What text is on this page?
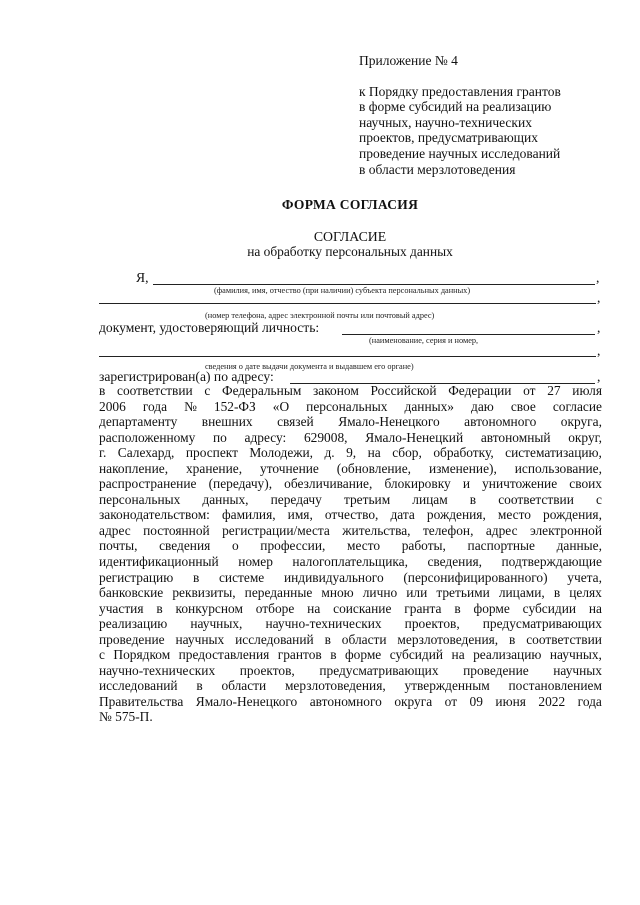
Приложение № 4
к Порядку предоставления грантов
в форме субсидий на реализацию
научных, научно-технических
проектов, предусматривающих
проведение научных исследований
в области мерзлотоведения
ФОРМА СОГЛАСИЯ
СОГЛАСИЕ
на обработку персональных данных
Я,	,
(фамилия, имя, отчество (при наличии) субъекта персональных данных)	,
(номер телефона, адрес электронной почты или почтовый адрес)
документ, удостоверяющий личность:	,
(наименование, серия и номер,
,
сведения о дате выдачи документа и выдавшем его органе)
зарегистрирован(а) по адресу:	,
в соответствии с Федеральным законом Российской Федерации от 27 июля
2006 года № 152-ФЗ «О персональных данных» даю свое согласие
департаменту внешних связей Ямало-Ненецкого автономного округа,
расположенному по адресу: 629008, Ямало-Ненецкий автономный округ,
г. Салехард, проспект Молодежи, д. 9, на сбор, обработку, систематизацию,
накопление, хранение, уточнение (обновление, изменение), использование,
распространение (передачу), обезличивание, блокировку и уничтожение своих
персональных данных, передачу третьим лицам в соответствии с
законодательством: фамилия, имя, отчество, дата рождения, место рождения,
адрес постоянной регистрации/места жительства, телефон, адрес электронной
почты, сведения о профессии, место работы, паспортные данные,
идентификационный номер налогоплательщика, сведения, подтверждающие
регистрацию в системе индивидуального (персонифицированного) учета,
банковские реквизиты, переданные мною лично или третьими лицами, в целях
участия в конкурсном отборе на соискание гранта в форме субсидии на
реализацию научных, научно-технических проектов, предусматривающих
проведение научных исследований в области мерзлотоведения, в соответствии
с Порядком предоставления грантов в форме субсидий на реализацию научных,
научно-технических проектов, предусматривающих проведение научных
исследований в области мерзлотоведения, утвержденным постановлением
Правительства Ямало-Ненецкого автономного округа от 09 июня 2022 года
№ 575-П.
